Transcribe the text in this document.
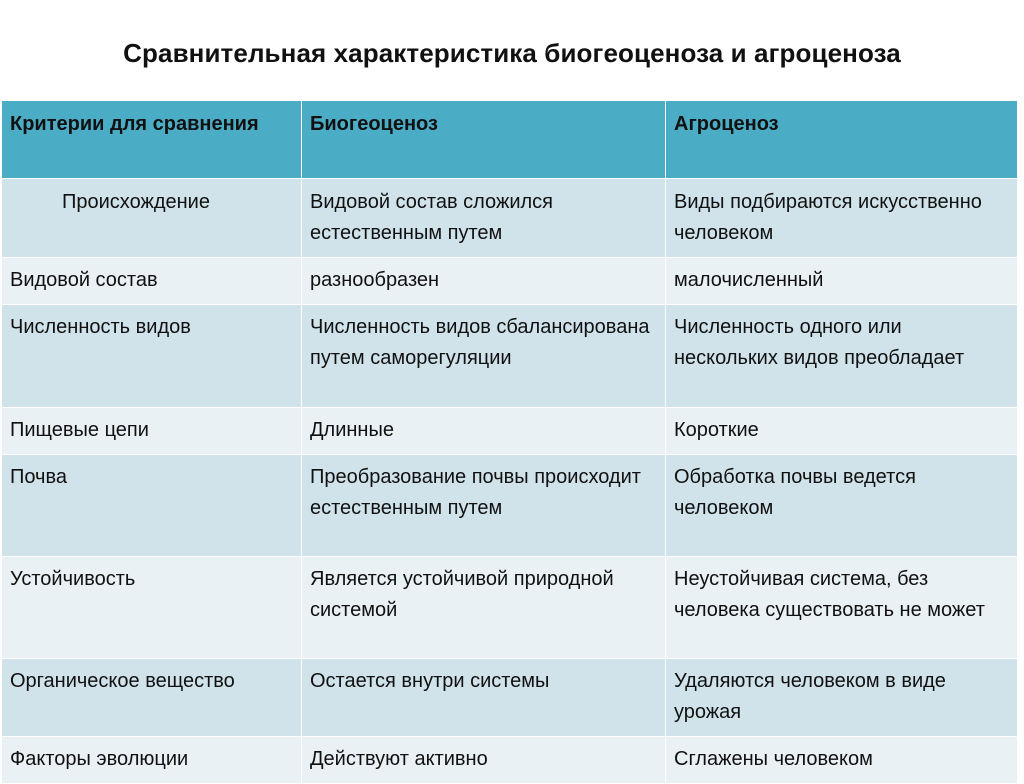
Сравнительная характеристика биогеоценоза и агроценоза
Критерии для сравнения	Биогеоценоз	Агроценоз
Происхождение	Видовой состав сложился естественным путем	Виды подбираются искусственно человеком
Видовой состав	разнообразен	малочисленный
Численность видов	Численность видов сбалансирована путем саморегуляции	Численность одного или нескольких видов преобладает
Пищевые цепи	Длинные	Короткие
Почва	Преобразование почвы происходит естественным путем	Обработка почвы ведется человеком
Устойчивость	Является устойчивой природной системой	Неустойчивая система, без человека существовать не может
Органическое вещество	Остается внутри системы	Удаляются человеком в виде урожая
Факторы эволюции	Действуют активно	Сглажены человеком
